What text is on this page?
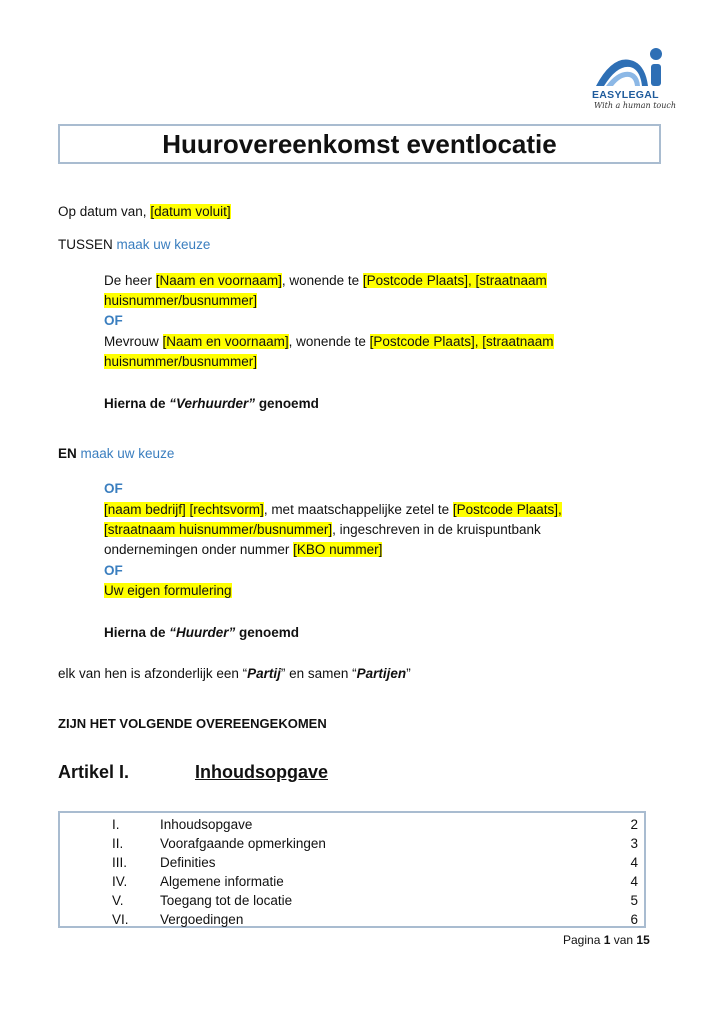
EASYLEGAL
With a human touch
Huurovereenkomst eventlocatie
Op datum van, [datum voluit]
TUSSEN maak uw keuze
De heer [Naam en voornaam], wonende te [Postcode Plaats], [straatnaam
huisnummer/busnummer]
OF
Mevrouw [Naam en voornaam], wonende te [Postcode Plaats], [straatnaam
huisnummer/busnummer]
Hierna de “Verhuurder” genoemd
EN maak uw keuze
OF
[naam bedrijf] [rechtsvorm], met maatschappelijke zetel te [Postcode Plaats],
[straatnaam huisnummer/busnummer], ingeschreven in de kruispuntbank
ondernemingen onder nummer [KBO nummer]
OF
Uw eigen formulering
Hierna de “Huurder” genoemd
elk van hen is afzonderlijk een “Partij” en samen “Partijen”
ZIJN HET VOLGENDE OVEREENGEKOMEN
Artikel I.	Inhoudsopgave
I.	Inhoudsopgave	2
II.	Voorafgaande opmerkingen	3
III. Definities	4
IV. Algemene informatie	4
V.	Toegang tot de locatie	5
VI. Vergoedingen	6
Pagina 1 van 15
